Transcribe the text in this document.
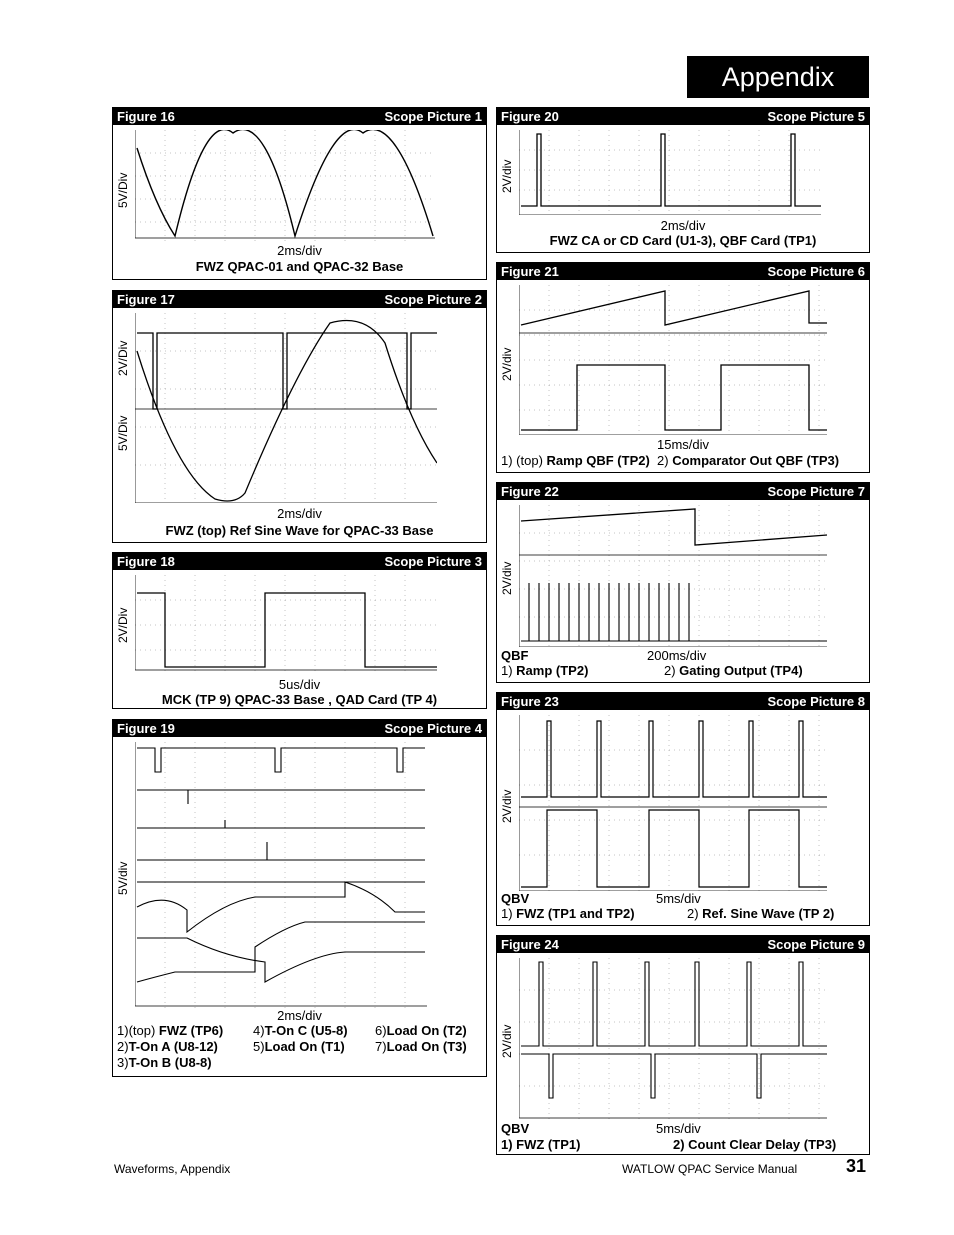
Appendix
Figure 16	Scope Picture 1
5V/Div
2ms/div
FWZ QPAC-01 and QPAC-32 Base
Figure 17	Scope Picture 2
2V/Div
5V/Div
2ms/div
FWZ (top) Ref Sine Wave for QPAC-33 Base
Figure 18	Scope Picture 3
2V/Div
5us/div
MCK (TP 9) QPAC-33 Base , QAD Card (TP 4)
Figure 19	Scope Picture 4
5V/div
2ms/div
1)(top) FWZ (TP6) 4)T-On C (U5-8) 6)Load On (T2)
2)T-On A (U8-12)	5)Load On (T1) 7)Load On (T3)
3)T-On B (U8-8)
Figure 20	Scope Picture 5
2V/div
2ms/div
FWZ CA or CD Card (U1-3), QBF Card (TP1)
Figure 21	Scope Picture 6
2V/div
15ms/div
1) (top) Ramp QBF (TP2) 2) Comparator Out QBF (TP3)
Figure 22	Scope Picture 7
2V/div
QBF	200ms/div
1) Ramp (TP2)	2) Gating Output (TP4)
Figure 23	Scope Picture 8
2V/div
QBV	5ms/div
1) FWZ (TP1 and TP2)	2) Ref. Sine Wave (TP 2)
Figure 24	Scope Picture 9
2V/div
QBV	5ms/div
1) FWZ (TP1)	2) Count Clear Delay (TP3)
Waveforms, Appendix	WATLOW QPAC Service Manual	31
